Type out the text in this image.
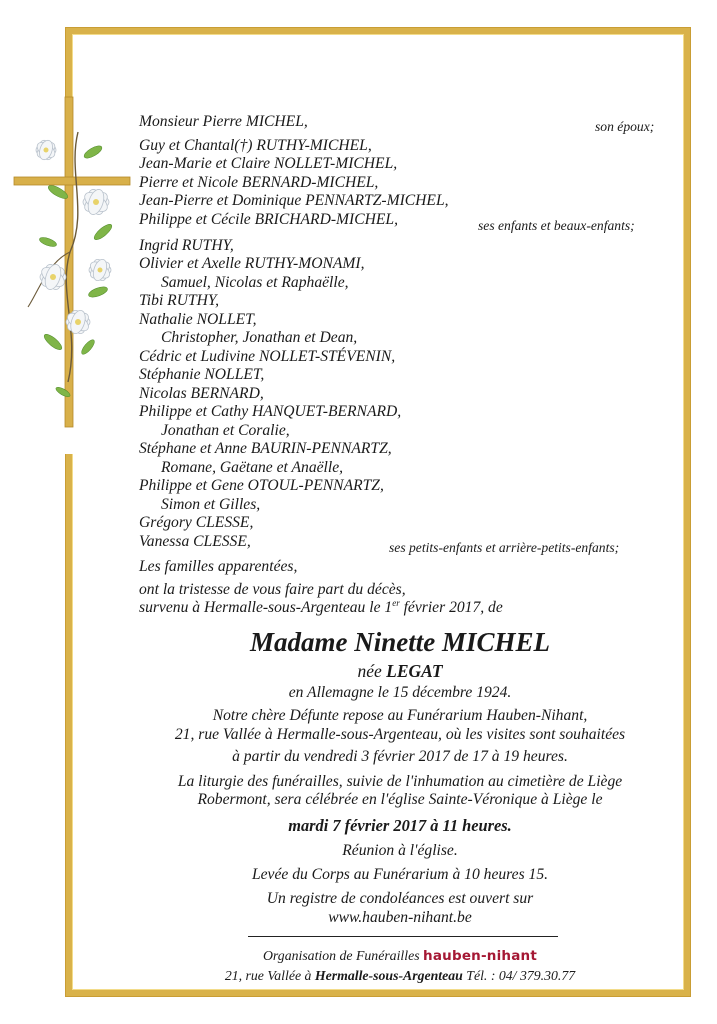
Monsieur Pierre MICHEL,	son époux;
Guy et Chantal(†) RUTHY-MICHEL,
Jean-Marie et Claire NOLLET-MICHEL,
Pierre et Nicole BERNARD-MICHEL,
Jean-Pierre et Dominique PENNARTZ-MICHEL,
Philippe et Cécile BRICHARD-MICHEL,	ses enfants et beaux-enfants;
Ingrid RUTHY,
Olivier et Axelle RUTHY-MONAMI,
Samuel, Nicolas et Raphaëlle,
Tibi RUTHY,
Nathalie NOLLET,
Christopher, Jonathan et Dean,
Cédric et Ludivine NOLLET-STÉVENIN,
Stéphanie NOLLET,
Nicolas BERNARD,
Philippe et Cathy HANQUET-BERNARD,
Jonathan et Coralie,
Stéphane et Anne BAURIN-PENNARTZ,
Romane, Gaëtane et Anaëlle,
Philippe et Gene OTOUL-PENNARTZ,
Simon et Gilles,
Grégory CLESSE,
Vanessa CLESSE,	ses petits-enfants et arrière-petits-enfants;
Les familles apparentées,
ont la tristesse de vous faire part du décès,
survenu à Hermalle-sous-Argenteau le 1er février 2017, de
Madame Ninette MICHEL
née LEGAT
en Allemagne le 15 décembre 1924.
Notre chère Défunte repose au Funérarium Hauben-Nihant,
21, rue Vallée à Hermalle-sous-Argenteau, où les visites sont souhaitées
à partir du vendredi 3 février 2017 de 17 à 19 heures.
La liturgie des funérailles, suivie de l'inhumation au cimetière de Liège
Robermont, sera célébrée en l'église Sainte-Véronique à Liège le
mardi 7 février 2017 à 11 heures.
Réunion à l'église.
Levée du Corps au Funérarium à 10 heures 15.
Un registre de condoléances est ouvert sur
www.hauben-nihant.be
Organisation de Funérailles hauben-nihant
21, rue Vallée à Hermalle-sous-Argenteau Tél. : 04/ 379.30.77
